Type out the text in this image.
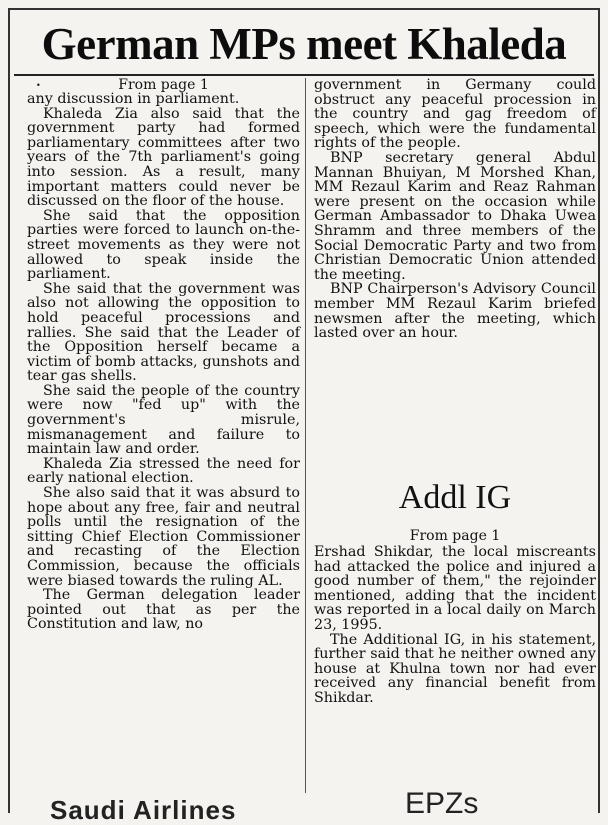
German MPs meet Khaleda
•	From page 1

any discussion in parliament.

Khaleda Zia also said that the government party had formed parliamentary committees after two years of the 7th parliament's going into session. As a result, many important matters could never be discussed on the floor of the house.

She said that the opposition parties were forced to launch on-the-street movements as they were not allowed to speak inside the parliament.

She said that the government was also not allowing the opposition to hold peaceful processions and rallies. She said that the Leader of the Opposition herself became a victim of bomb attacks, gunshots and tear gas shells.

She said the people of the country were now "fed up" with the government's misrule, mismanagement and failure to maintain law and order.

Khaleda Zia stressed the need for early national election.

She also said that it was absurd to hope about any free, fair and neutral polls until the resignation of the sitting Chief Election Commissioner and recasting of the Election Commission, because the officials were biased towards the ruling AL.

The German delegation leader pointed out that as per the Constitution and law, no

government in Germany could obstruct any peaceful procession in the country and gag freedom of speech, which were the fundamental rights of the people.

BNP secretary general Abdul Mannan Bhuiyan, M Morshed Khan, MM Rezaul Karim and Reaz Rahman were present on the occasion while German Ambassador to Dhaka Uwea Shramm and three members of the Social Democratic Party and two from Christian Democratic Union attended the meeting.

BNP Chairperson's Advisory Council member MM Rezaul Karim briefed newsmen after the meeting, which lasted over an hour.

Addl IG

From page 1

Ershad Shikdar, the local miscreants had attacked the police and injured a good number of them," the rejoinder mentioned, adding that the incident was reported in a local daily on March 23, 1995.

The Additional IG, in his statement, further said that he neither owned any house at Khulna town nor had ever received any financial benefit from Shikdar.

Saudi Airlines	EPZs
